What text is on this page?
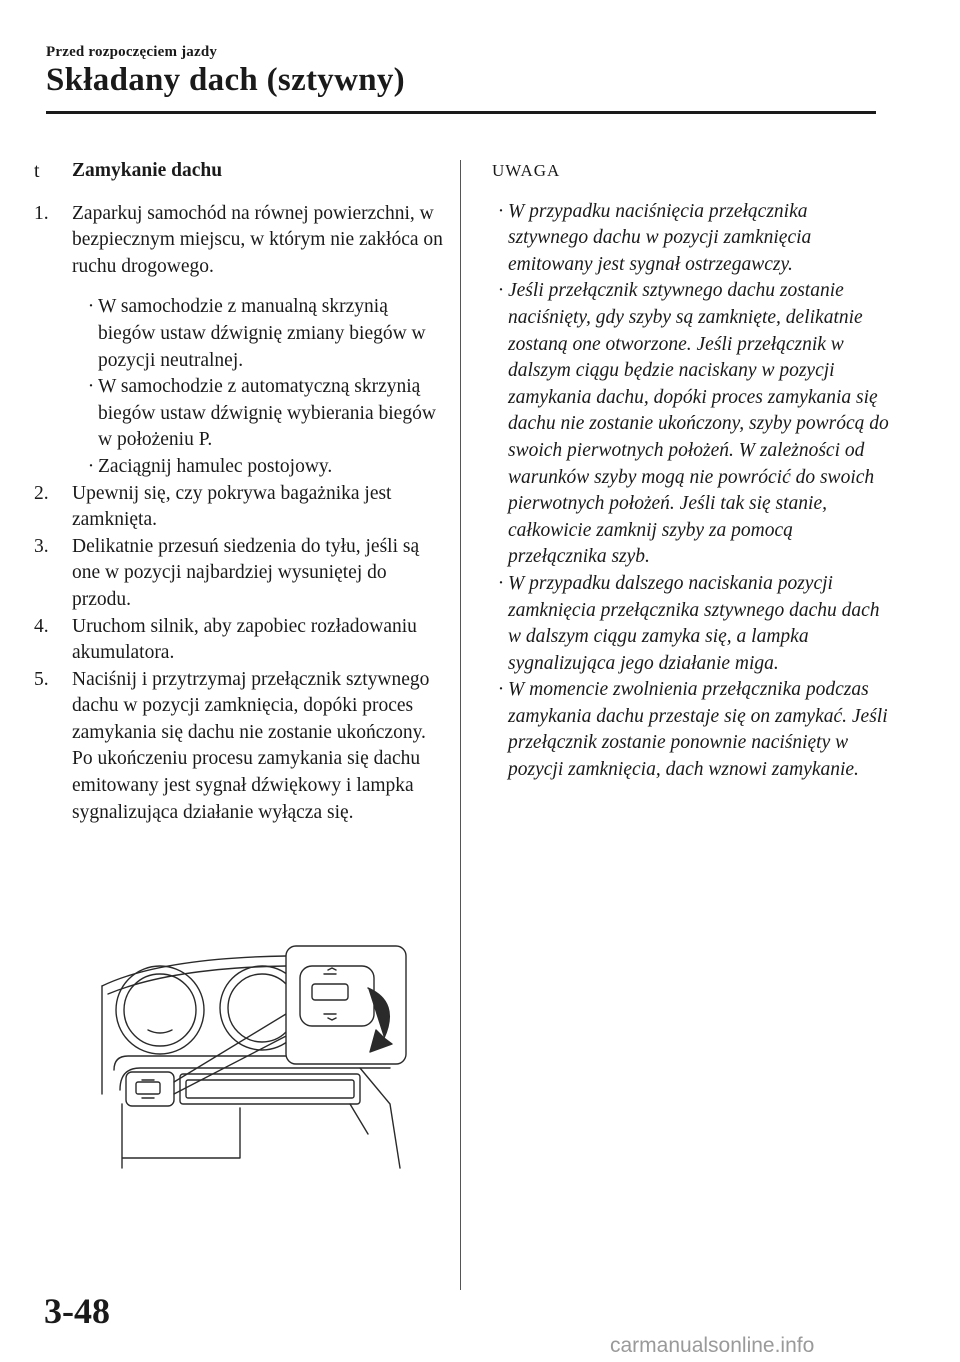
Przed rozpoczęciem jazdy
Składany dach (sztywny)
t	Zamykanie dachu
1.	Zaparkuj samochód na równej powierzchni, w bezpiecznym miejscu, w którym nie zakłóca on ruchu drogowego.
· W samochodzie z manualną skrzynią biegów ustaw dźwignię zmiany biegów w pozycji neutralnej.
· W samochodzie z automatyczną skrzynią biegów ustaw dźwignię wybierania biegów w położeniu P.
· Zaciągnij hamulec postojowy.
2.	Upewnij się, czy pokrywa bagażnika jest zamknięta.
3.	Delikatnie przesuń siedzenia do tyłu, jeśli są one w pozycji najbardziej wysuniętej do przodu.
4.	Uruchom silnik, aby zapobiec rozładowaniu akumulatora.
5.	Naciśnij i przytrzymaj przełącznik sztywnego dachu w pozycji zamknięcia, dopóki proces zamykania się dachu nie zostanie ukończony. Po ukończeniu procesu zamykania się dachu emitowany jest sygnał dźwiękowy i lampka sygnalizująca działanie wyłącza się.
UWAGA
· W przypadku naciśnięcia przełącznika sztywnego dachu w pozycji zamknięcia emitowany jest sygnał ostrzegawczy.
· Jeśli przełącznik sztywnego dachu zostanie naciśnięty, gdy szyby są zamknięte, delikatnie zostaną one otworzone. Jeśli przełącznik w dalszym ciągu będzie naciskany w pozycji zamykania dachu, dopóki proces zamykania się dachu nie zostanie ukończony, szyby powrócą do swoich pierwotnych położeń. W zależności od warunków szyby mogą nie powrócić do swoich pierwotnych położeń. Jeśli tak się stanie, całkowicie zamknij szyby za pomocą przełącznika szyb.
· W przypadku dalszego naciskania pozycji zamknięcia przełącznika sztywnego dachu dach w dalszym ciągu zamyka się, a lampka sygnalizująca jego działanie miga.
· W momencie zwolnienia przełącznika podczas zamykania dachu przestaje się on zamykać. Jeśli przełącznik zostanie ponownie naciśnięty w pozycji zamknięcia, dach wznowi zamykanie.
3-48
carmanualsonline.info
